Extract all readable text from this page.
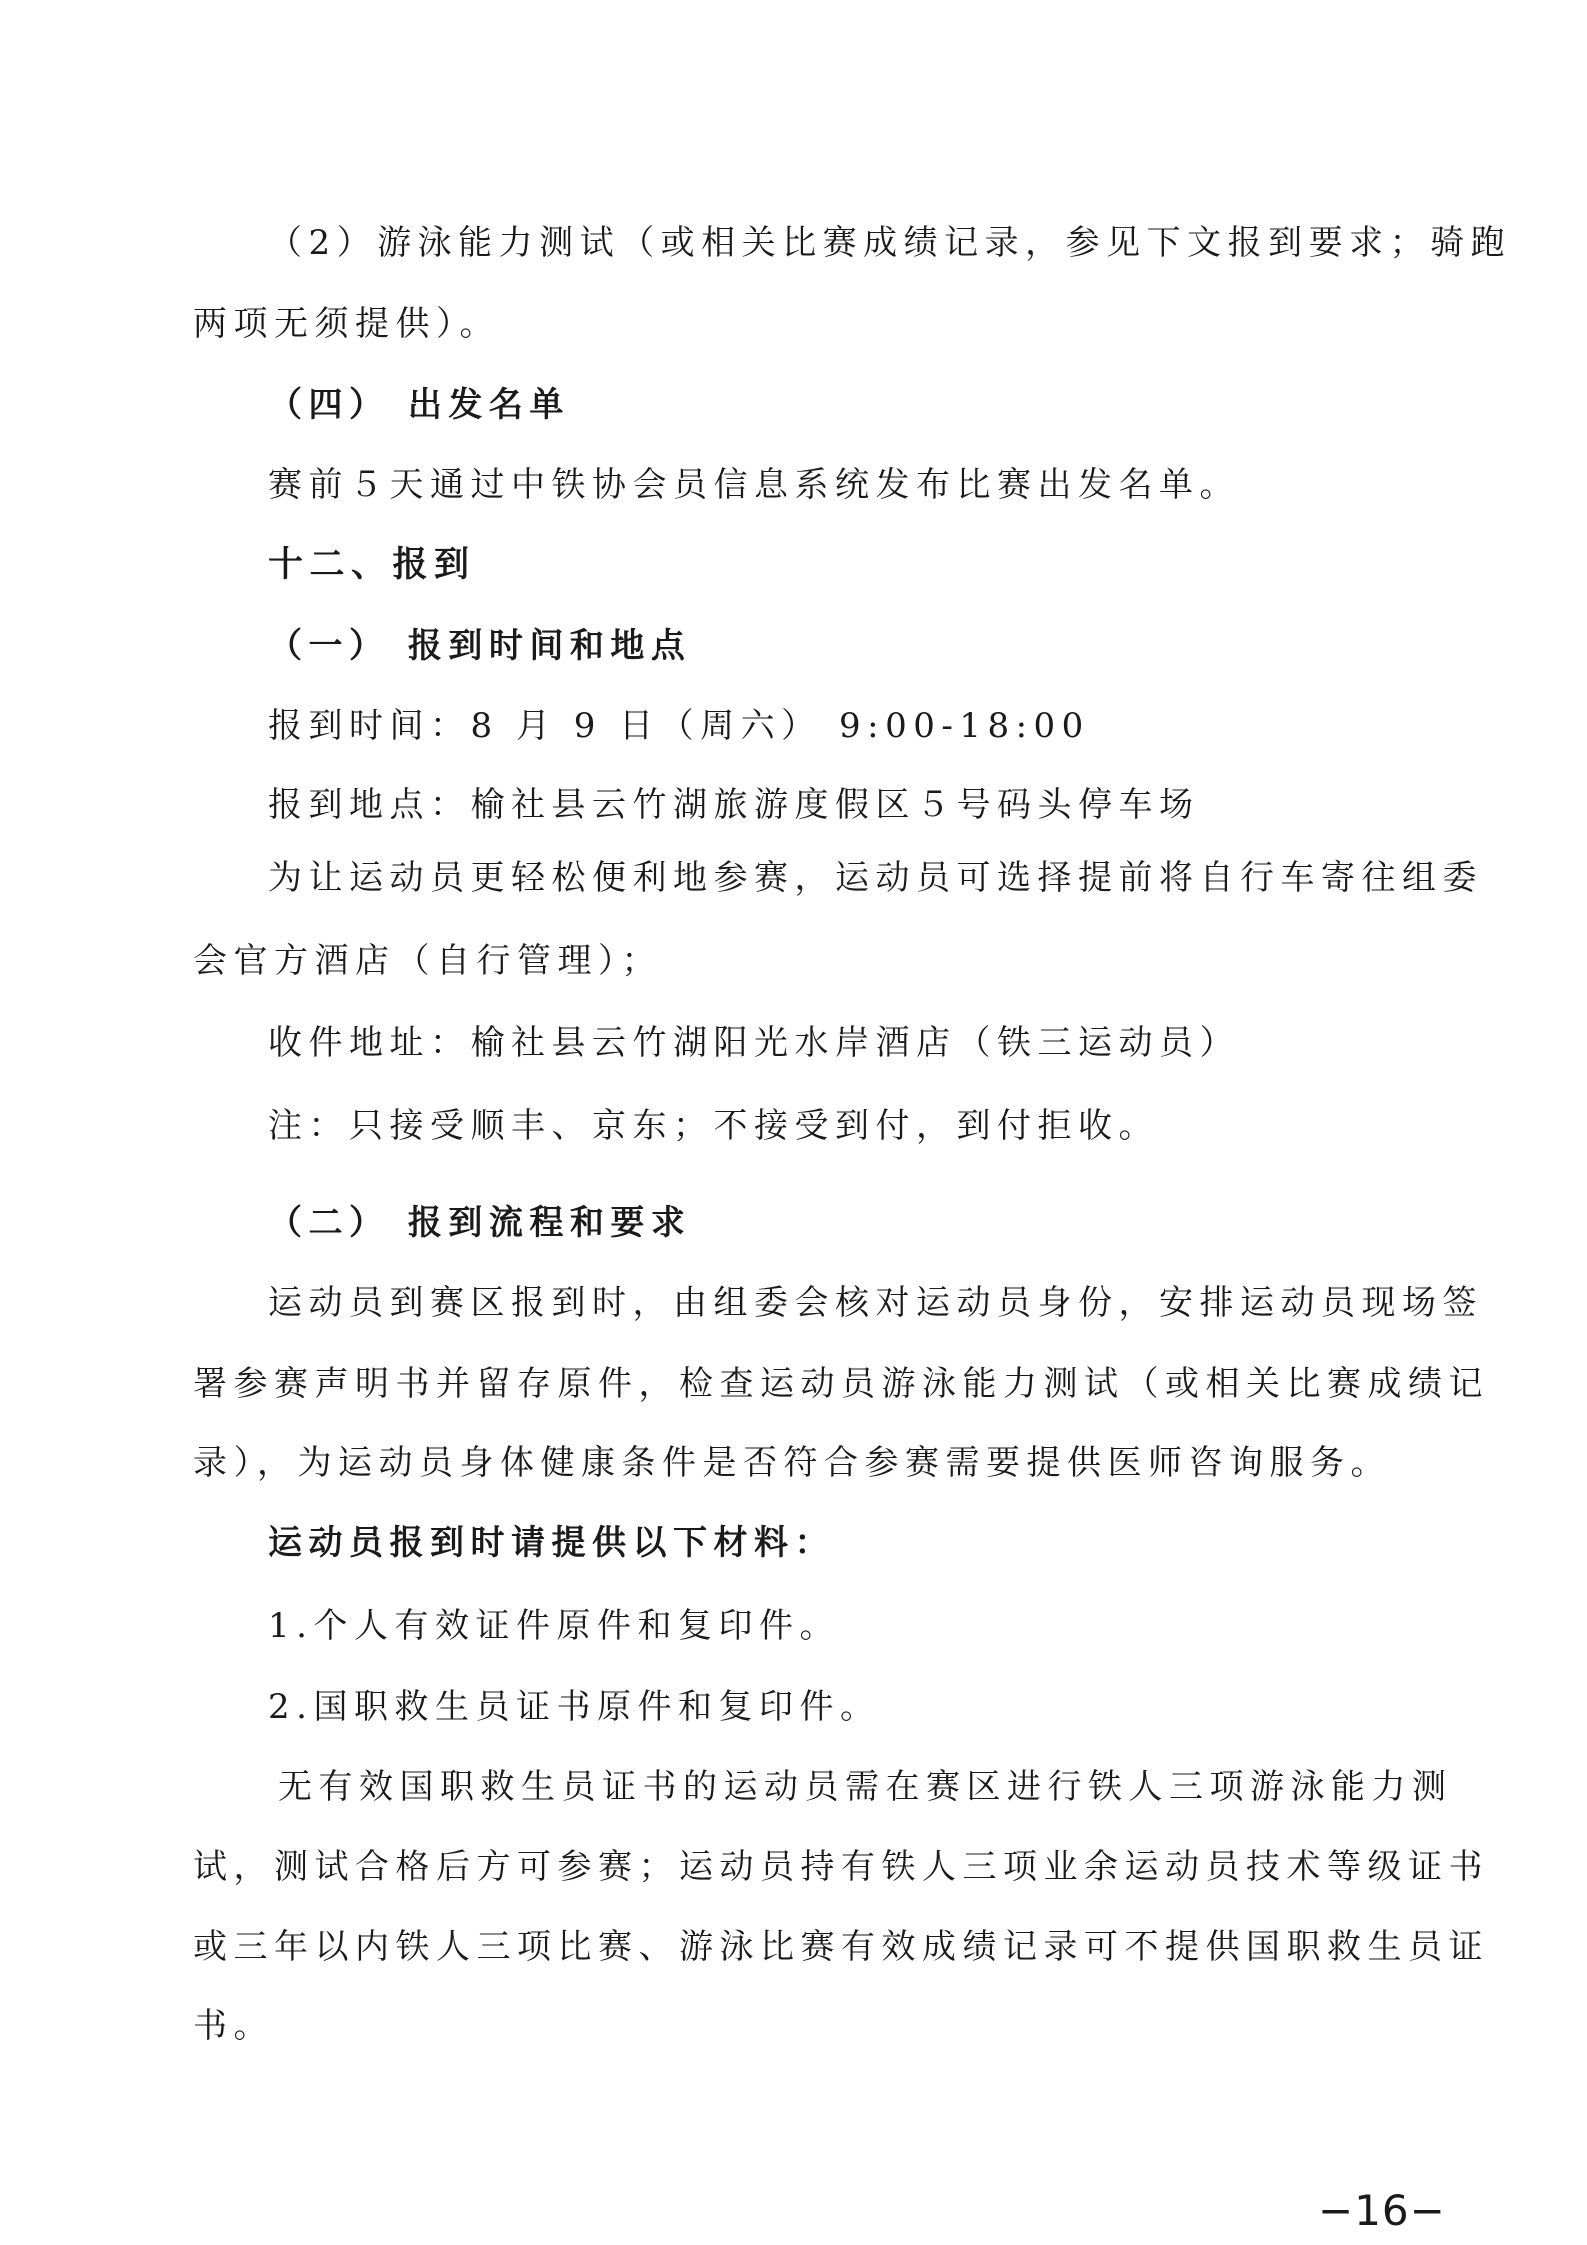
（2）游泳能力测试（或相关比赛成绩记录，参见下文报到要求；骑跑
两项无须提供）。
（四） 出发名单
赛前５天通过中铁协会员信息系统发布比赛出发名单。
十二、报到
（一） 报到时间和地点
报到时间：8 月 9 日（周六） 9:00-18:00
报到地点：榆社县云竹湖旅游度假区５号码头停车场
为让运动员更轻松便利地参赛，运动员可选择提前将自行车寄往组委
会官方酒店（自行管理）；
收件地址：榆社县云竹湖阳光水岸酒店（铁三运动员）
注：只接受顺丰、京东；不接受到付，到付拒收。
（二） 报到流程和要求
运动员到赛区报到时，由组委会核对运动员身份，安排运动员现场签
署参赛声明书并留存原件，检查运动员游泳能力测试（或相关比赛成绩记
录），为运动员身体健康条件是否符合参赛需要提供医师咨询服务。
运动员报到时请提供以下材料：
1.个人有效证件原件和复印件。
2.国职救生员证书原件和复印件。
无有效国职救生员证书的运动员需在赛区进行铁人三项游泳能力测
试，测试合格后方可参赛；运动员持有铁人三项业余运动员技术等级证书
或三年以内铁人三项比赛、游泳比赛有效成绩记录可不提供国职救生员证
书。
−16−
